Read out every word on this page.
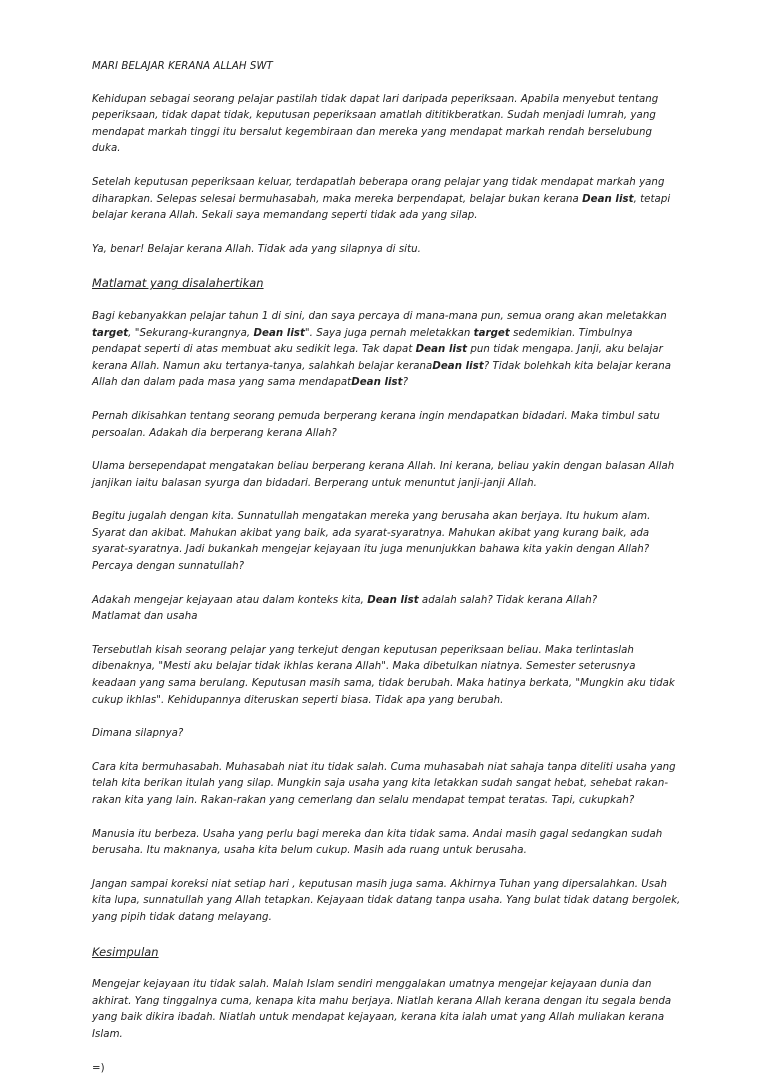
MARI BELAJAR KERANA ALLAH SWT

Kehidupan sebagai seorang pelajar pastilah tidak dapat lari daripada peperiksaan. Apabila menyebut tentang peperiksaan, tidak dapat tidak, keputusan peperiksaan amatlah dititikberatkan. Sudah menjadi lumrah, yang mendapat markah tinggi itu bersalut kegembiraan dan mereka yang mendapat markah rendah berselubung duka.

Setelah keputusan peperiksaan keluar, terdapatlah beberapa orang pelajar yang tidak mendapat markah yang diharapkan. Selepas selesai bermuhasabah, maka mereka berpendapat, belajar bukan kerana Dean list, tetapi belajar kerana Allah. Sekali saya memandang seperti tidak ada yang silap.

Ya, benar! Belajar kerana Allah. Tidak ada yang silapnya di situ.

Matlamat yang disalahertikan

Bagi kebanyakkan pelajar tahun 1 di sini, dan saya percaya di mana-mana pun, semua orang akan meletakkan target, "Sekurang-kurangnya, Dean list". Saya juga pernah meletakkan target sedemikian. Timbulnya pendapat seperti di atas membuat aku sedikit lega. Tak dapat Dean list pun tidak mengapa. Janji, aku belajar kerana Allah. Namun aku tertanya-tanya, salahkah belajar keranaDean list? Tidak bolehkah kita belajar kerana Allah dan dalam pada masa yang sama mendapatDean list?

Pernah dikisahkan tentang seorang pemuda berperang kerana ingin mendapatkan bidadari. Maka timbul satu persoalan. Adakah dia berperang kerana Allah?

Ulama bersependapat mengatakan beliau berperang kerana Allah. Ini kerana, beliau yakin dengan balasan Allah janjikan iaitu balasan syurga dan bidadari. Berperang untuk menuntut janji-janji Allah.

Begitu jugalah dengan kita. Sunnatullah mengatakan mereka yang berusaha akan berjaya. Itu hukum alam. Syarat dan akibat. Mahukan akibat yang baik, ada syarat-syaratnya. Mahukan akibat yang kurang baik, ada syarat-syaratnya. Jadi bukankah mengejar kejayaan itu juga menunjukkan bahawa kita yakin dengan Allah? Percaya dengan sunnatullah?

Adakah mengejar kejayaan atau dalam konteks kita, Dean list adalah salah? Tidak kerana Allah?

Matlamat dan usaha

Tersebutlah kisah seorang pelajar yang terkejut dengan keputusan peperiksaan beliau. Maka terlintaslah dibenaknya, "Mesti aku belajar tidak ikhlas kerana Allah". Maka dibetulkan niatnya. Semester seterusnya keadaan yang sama berulang. Keputusan masih sama, tidak berubah. Maka hatinya berkata, "Mungkin aku tidak cukup ikhlas". Kehidupannya diteruskan seperti biasa. Tidak apa yang berubah.

Dimana silapnya?

Cara kita bermuhasabah. Muhasabah niat itu tidak salah. Cuma muhasabah niat sahaja tanpa diteliti usaha yang telah kita berikan itulah yang silap. Mungkin saja usaha yang kita letakkan sudah sangat hebat, sehebat rakan-rakan kita yang lain. Rakan-rakan yang cemerlang dan selalu mendapat tempat teratas. Tapi, cukupkah?

Manusia itu berbeza. Usaha yang perlu bagi mereka dan kita tidak sama. Andai masih gagal sedangkan sudah berusaha. Itu maknanya, usaha kita belum cukup. Masih ada ruang untuk berusaha.

Jangan sampai koreksi niat setiap hari , keputusan masih juga sama. Akhirnya Tuhan yang dipersalahkan. Usah kita lupa, sunnatullah yang Allah tetapkan. Kejayaan tidak datang tanpa usaha. Yang bulat tidak datang bergolek, yang pipih tidak datang melayang.

Kesimpulan

Mengejar kejayaan itu tidak salah. Malah Islam sendiri menggalakan umatnya mengejar kejayaan dunia dan akhirat. Yang tinggalnya cuma, kenapa kita mahu berjaya. Niatlah kerana Allah kerana dengan itu segala benda yang baik dikira ibadah. Niatlah untuk mendapat kejayaan, kerana kita ialah umat yang Allah muliakan kerana Islam.

=)
